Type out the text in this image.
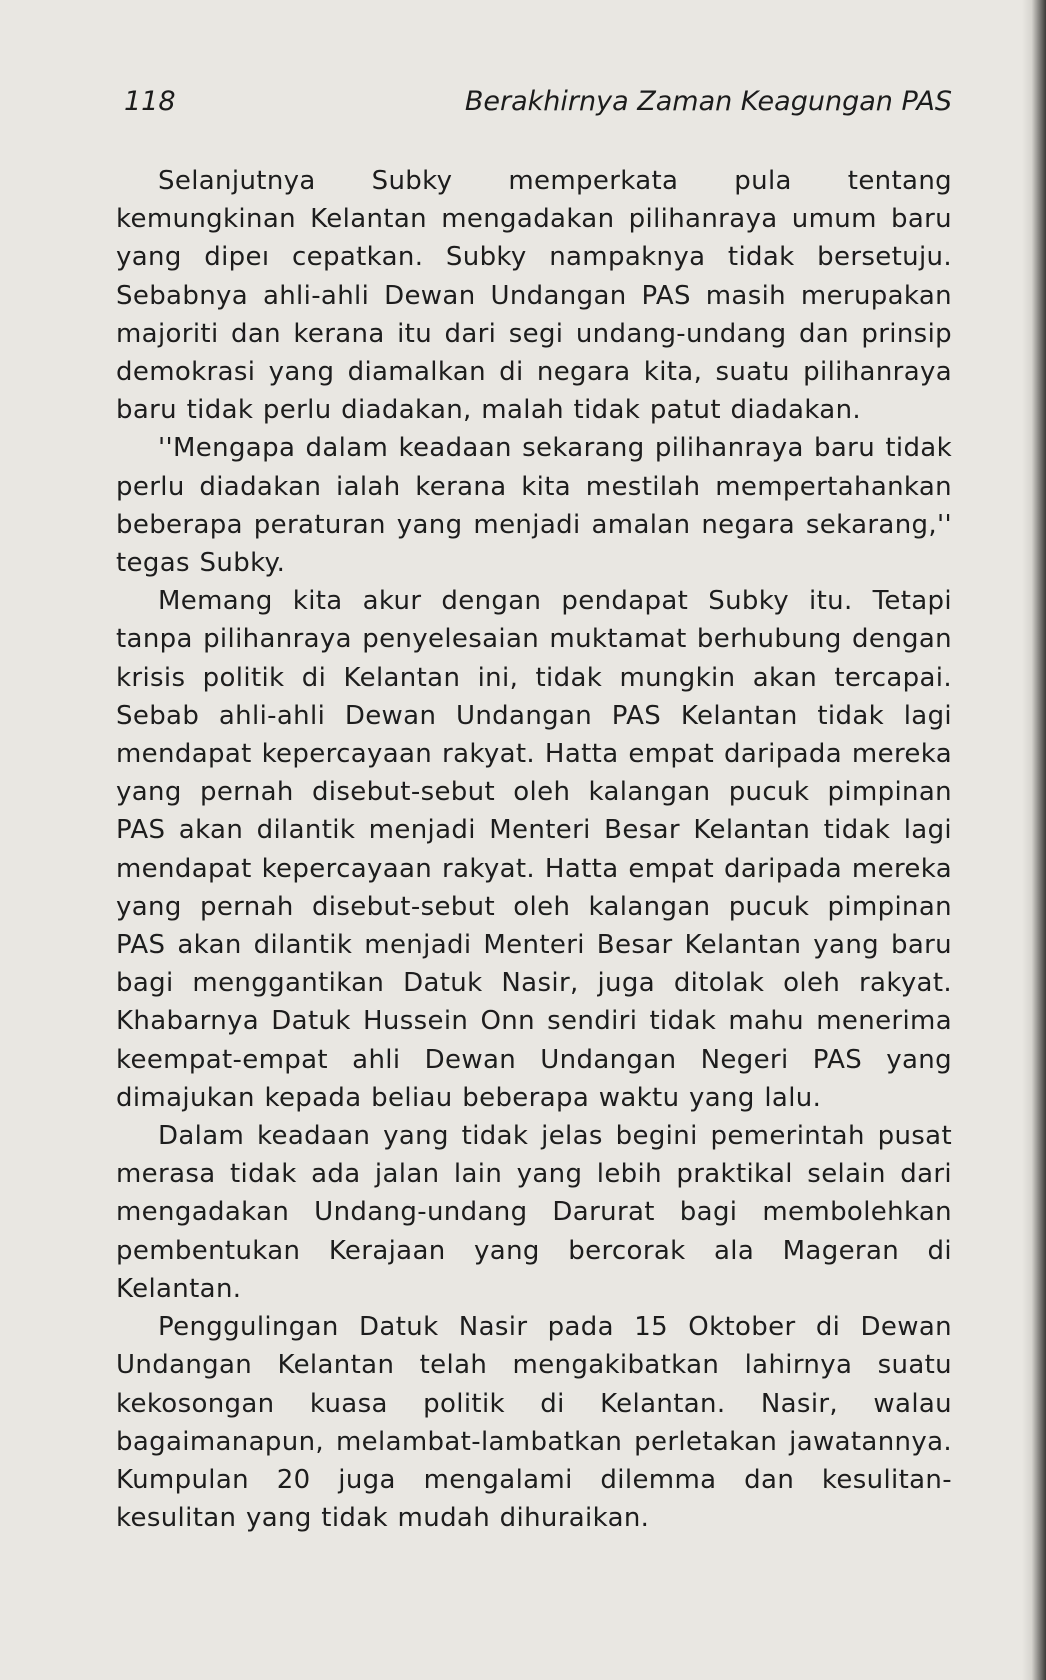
118	Berakhirnya Zaman Keagungan PAS

Selanjutnya Subky memperkata pula tentang kemungkinan Kelantan mengadakan pilihanraya umum baru yang dipeı cepatkan. Subky nampaknya tidak bersetuju. Sebabnya ahli-ahli Dewan Undangan PAS masih merupakan majoriti dan kerana itu dari segi undang-undang dan prinsip demokrasi yang diamalkan di negara kita, suatu pilihanraya baru tidak perlu diadakan, malah tidak patut diadakan.

''Mengapa dalam keadaan sekarang pilihanraya baru tidak perlu diadakan ialah kerana kita mestilah mempertahankan beberapa peraturan yang menjadi amalan negara sekarang,'' tegas Subky.

Memang kita akur dengan pendapat Subky itu. Tetapi tanpa pilihanraya penyelesaian muktamat berhubung dengan krisis politik di Kelantan ini, tidak mungkin akan tercapai. Sebab ahli-ahli Dewan Undangan PAS Kelantan tidak lagi mendapat kepercayaan rakyat. Hatta empat daripada mereka yang pernah disebut-sebut oleh kalangan pucuk pimpinan PAS akan dilantik menjadi Menteri Besar Kelantan tidak lagi mendapat kepercayaan rakyat. Hatta empat daripada mereka yang pernah disebut-sebut oleh kalangan pucuk pimpinan PAS akan dilantik menjadi Menteri Besar Kelantan yang baru bagi menggantikan Datuk Nasir, juga ditolak oleh rakyat. Khabarnya Datuk Hussein Onn sendiri tidak mahu menerima keempat-empat ahli Dewan Undangan Negeri PAS yang dimajukan kepada beliau beberapa waktu yang lalu.

Dalam keadaan yang tidak jelas begini pemerintah pusat merasa tidak ada jalan lain yang lebih praktikal selain dari mengadakan Undang-undang Darurat bagi membolehkan pembentukan Kerajaan yang bercorak ala Mageran di Kelantan.

Penggulingan Datuk Nasir pada 15 Oktober di Dewan Undangan Kelantan telah mengakibatkan lahirnya suatu kekosongan kuasa politik di Kelantan. Nasir, walau bagaimanapun, melambat-lambatkan perletakan jawatannya. Kumpulan 20 juga mengalami dilemma dan kesulitan-kesulitan yang tidak mudah dihuraikan.
